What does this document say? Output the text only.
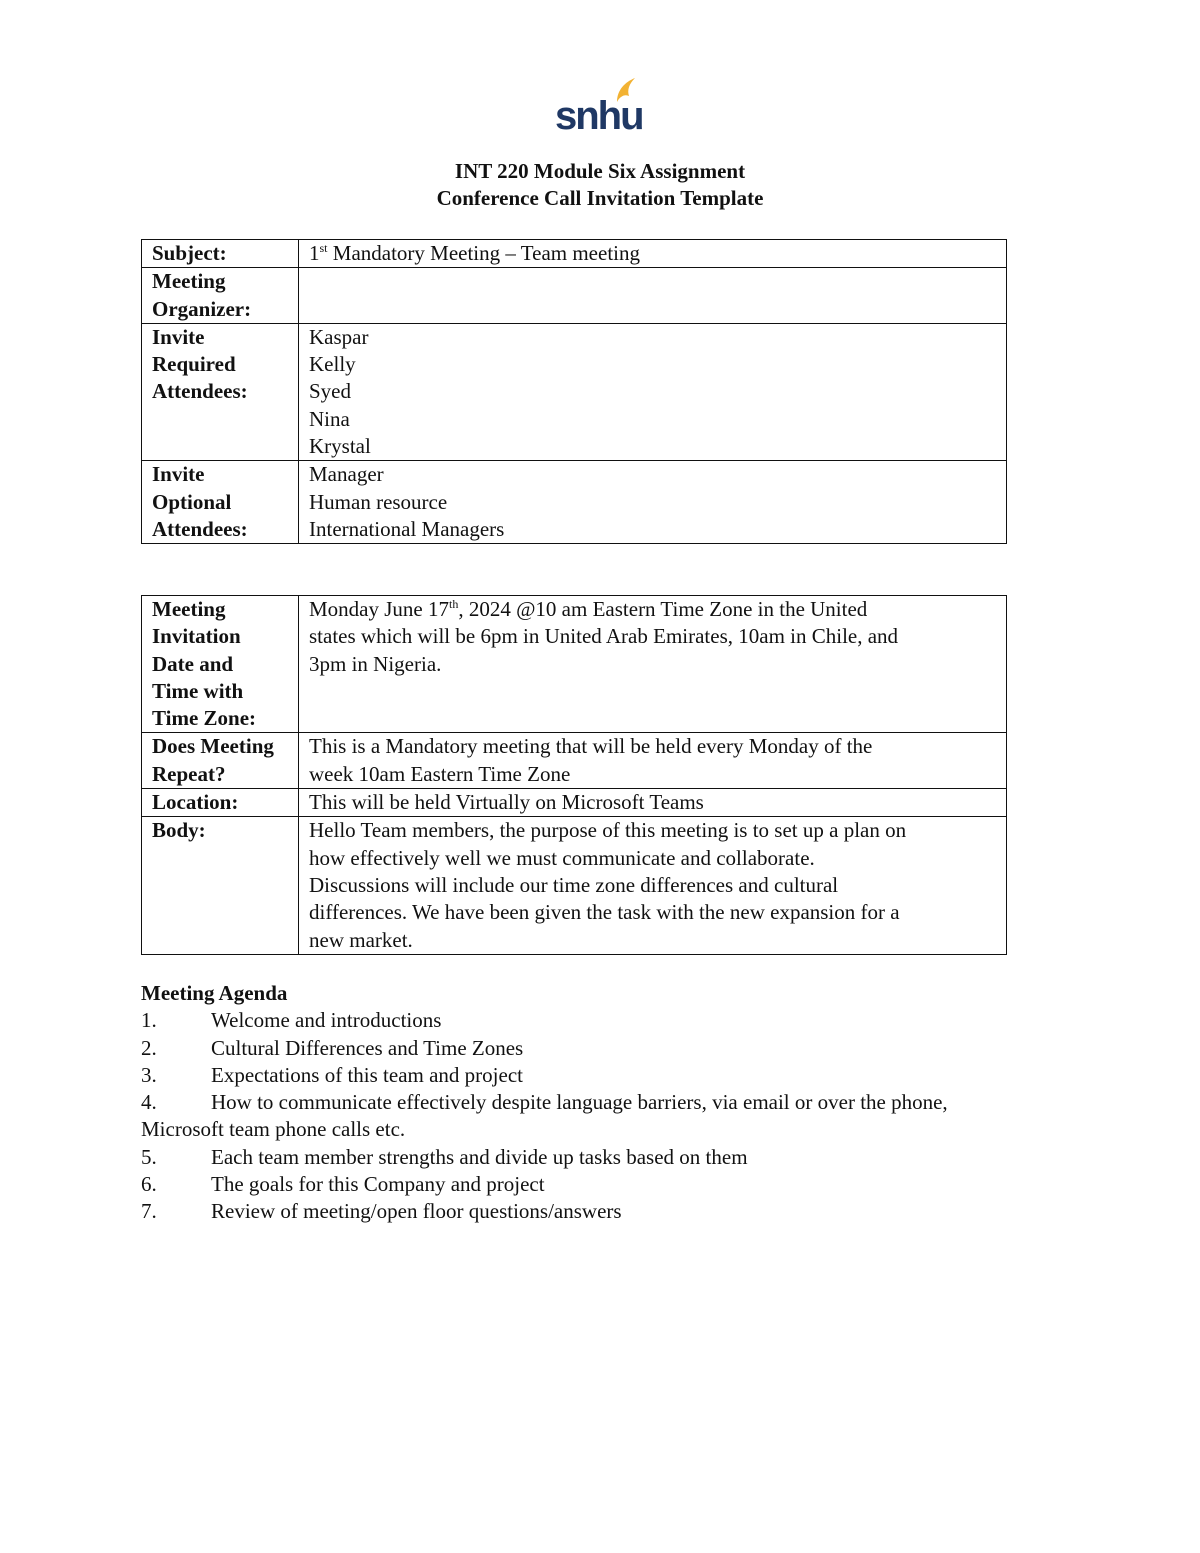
snhu
INT 220 Module Six Assignment
Conference Call Invitation Template
Subject:	1st Mandatory Meeting – Team meeting

Meeting
Organizer:	

Invite
Required
Attendees:	Kaspar
Kelly
Syed
Nina
Krystal

Invite
Optional
Attendees:	Manager
Human resource
International Managers
Meeting
Invitation
Date and
Time with
Time Zone:	Monday June 17th, 2024 @10 am Eastern Time Zone in the United
states which will be 6pm in United Arab Emirates, 10am in Chile, and
3pm in Nigeria.

Does Meeting
Repeat?	This is a Mandatory meeting that will be held every Monday of the
week 10am Eastern Time Zone

Location:	This will be held Virtually on Microsoft Teams
Body:	Hello Team members, the purpose of this meeting is to set up a plan on
how effectively well we must communicate and collaborate.
Discussions will include our time zone differences and cultural
differences. We have been given the task with the new expansion for a
new market.
Meeting Agenda
1.	Welcome and introductions
2.	Cultural Differences and Time Zones
3.	Expectations of this team and project
4.	How to communicate effectively despite language barriers, via email or over the phone,
Microsoft team phone calls etc.
5.	Each team member strengths and divide up tasks based on them
6.	The goals for this Company and project
7.	Review of meeting/open floor questions/answers
